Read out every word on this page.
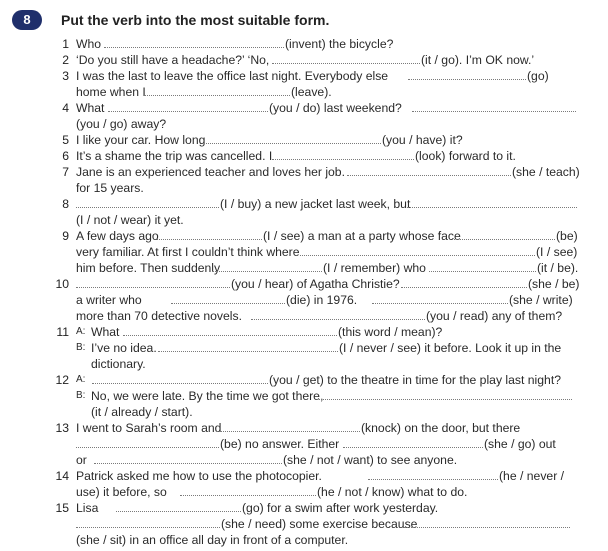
8	Put the verb into the most suitable form.
1 Who	(invent) the bicycle?
2 ‘Do you still have a headache?’ ‘No,	(it / go). I’m OK now.’
3 I was the last to leave the office last night. Everybody else	(go)
home when I	(leave).
4 What	(you / do) last weekend?
(you / go) away?
5 I like your car. How long	(you / have) it?
6 It’s a shame the trip was cancelled. I	(look) forward to it.
7 Jane is an experienced teacher and loves her job.	(she / teach)
for 15 years.
8	(I / buy) a new jacket last week, but
(I / not / wear) it yet.
9 A few days ago	(I / see) a man at a party whose face	(be)
very familiar. At first I couldn’t think where	(I / see)
him before. Then suddenly	(I / remember) who	(it / be).
10	(you / hear) of Agatha Christie?	(she / be)
a writer who	(die) in 1976.	(she / write)
more than 70 detective novels.	(you / read) any of them?
11 A: What	(this word / mean)?
B: I’ve no idea.	(I / never / see) it before. Look it up in the
dictionary.
12 A:	(you / get) to the theatre in time for the play last night?
B: No, we were late. By the time we got there,
(it / already / start).
13 I went to Sarah’s room and	(knock) on the door, but there
(be) no answer. Either	(she / go) out
or	(she / not / want) to see anyone.
14 Patrick asked me how to use the photocopier.	(he / never /
use) it before, so	(he / not / know) what to do.
15 Lisa	(go) for a swim after work yesterday.
(she / need) some exercise because
(she / sit) in an office all day in front of a computer.
